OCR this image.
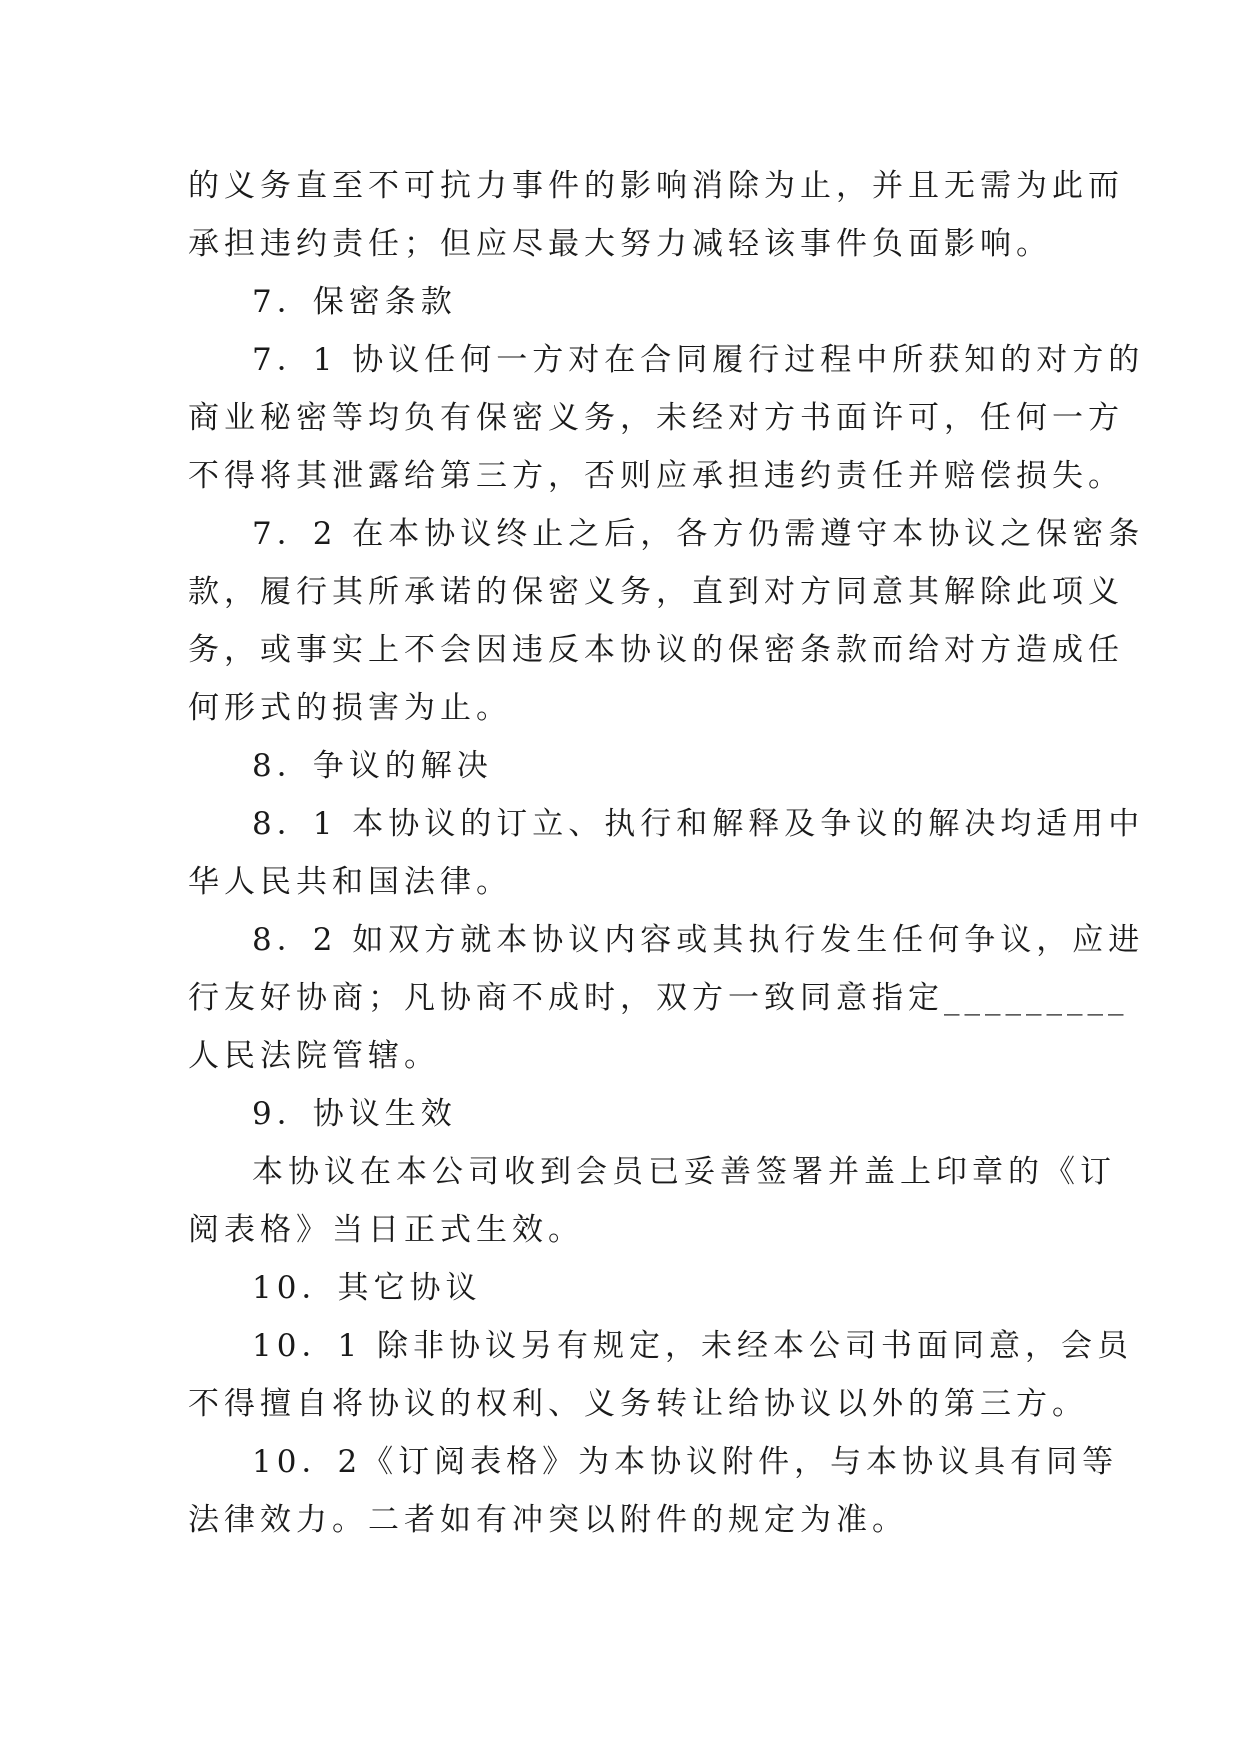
的义务直至不可抗力事件的影响消除为止，并且无需为此而
承担违约责任；但应尽最大努力减轻该事件负面影响。
7．保密条款
7．1 协议任何一方对在合同履行过程中所获知的对方的
商业秘密等均负有保密义务，未经对方书面许可，任何一方
不得将其泄露给第三方，否则应承担违约责任并赔偿损失。
7．2 在本协议终止之后，各方仍需遵守本协议之保密条
款，履行其所承诺的保密义务，直到对方同意其解除此项义
务，或事实上不会因违反本协议的保密条款而给对方造成任
何形式的损害为止。
8．争议的解决
8．1 本协议的订立、执行和解释及争议的解决均适用中
华人民共和国法律。
8．2 如双方就本协议内容或其执行发生任何争议，应进
行友好协商；凡协商不成时，双方一致同意指定_________
人民法院管辖。
9．协议生效
本协议在本公司收到会员已妥善签署并盖上印章的《订
阅表格》当日正式生效。
10．其它协议
10．1 除非协议另有规定，未经本公司书面同意，会员
不得擅自将协议的权利、义务转让给协议以外的第三方。
10．2《订阅表格》为本协议附件，与本协议具有同等
法律效力。二者如有冲突以附件的规定为准。
